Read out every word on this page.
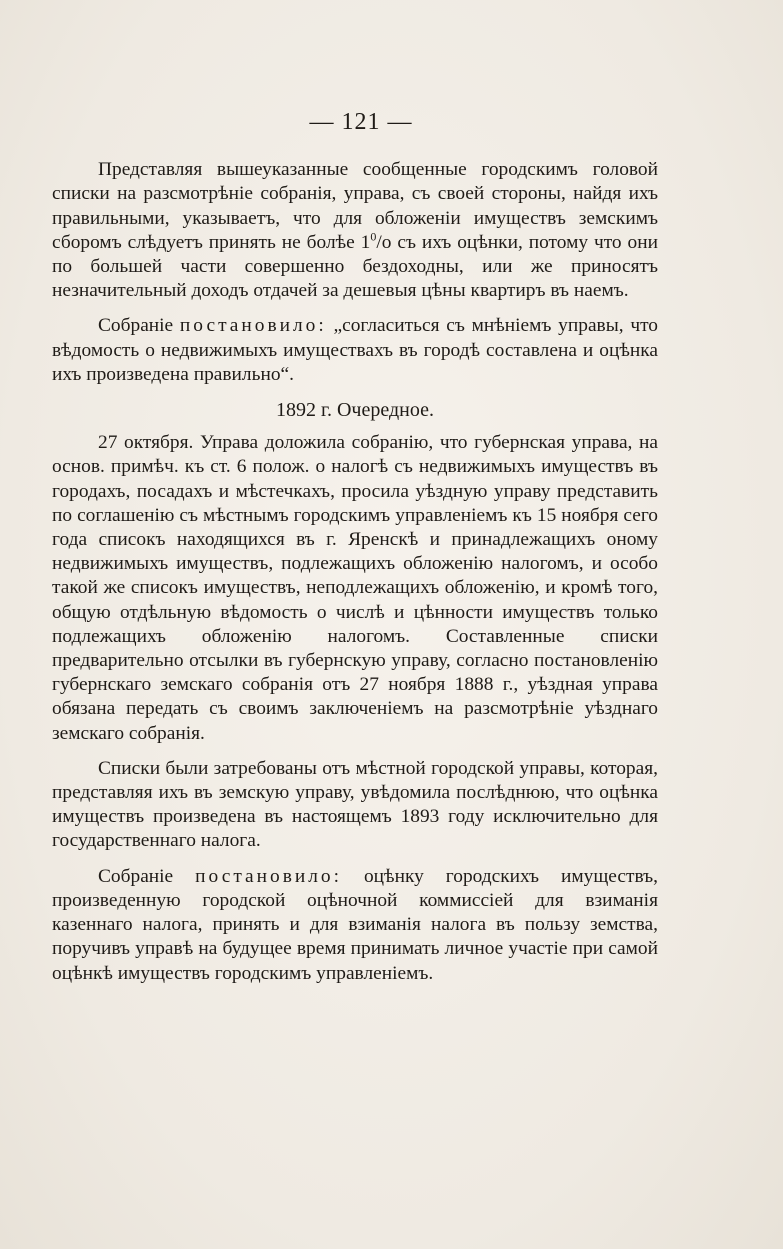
— 121 —

Представляя вышеуказанные сообщенные городскимъ головой списки на разсмотрѣніе собранія, управа, съ своей стороны, найдя ихъ правильными, указываетъ, что для обложеніи имуществъ земскимъ сборомъ слѣдуетъ принять не болѣе $1^0/о$ съ ихъ оцѣнки, потому что они по большей части совершенно бездоходны, или же приносятъ незначительный доходъ отдачей за дешевыя цѣны квартиръ въ наемъ.

Собраніе постановило: „согласиться съ мнѣніемъ управы, что вѣдомость о недвижимыхъ имуществахъ въ городѣ составлена и оцѣнка ихъ произведена правильно“.

1892 г. Очередное.

27 октября. Управа доложила собранію, что губернская управа, на основ. примѣч. къ ст. 6 полож. о налогѣ съ недвижимыхъ имуществъ въ городахъ, посадахъ и мѣстечкахъ, просила уѣздную управу представить по соглашенію съ мѣстнымъ городскимъ управленіемъ къ 15 ноября сего года списокъ находящихся въ г. Яренскѣ и принадлежащихъ оному недвижимыхъ имуществъ, подлежащихъ обложенію налогомъ, и особо такой же списокъ имуществъ, неподлежащихъ обложенію, и кромѣ того, общую отдѣльную вѣдомость о числѣ и цѣнности имуществъ только подлежащихъ обложенію налогомъ. Составленные списки предварительно отсылки въ губернскую управу, согласно постановленію губернскаго земскаго собранія отъ 27 ноября 1888 г., уѣздная управа обязана передать съ своимъ заключеніемъ на разсмотрѣніе уѣзднаго земскаго собранія.

Списки были затребованы отъ мѣстной городской управы, которая, представляя ихъ въ земскую управу, увѣдомила послѣднюю, что оцѣнка имуществъ произведена въ настоящемъ 1893 году исключительно для государственнаго налога.

Собраніе постановило: оцѣнку городскихъ имуществъ, произведенную городской оцѣночной коммиссіей для взиманія казеннаго налога, принять и для взиманія налога въ пользу земства, поручивъ управѣ на будущее время принимать личное участіе при самой оцѣнкѣ имуществъ городскимъ управленіемъ.
